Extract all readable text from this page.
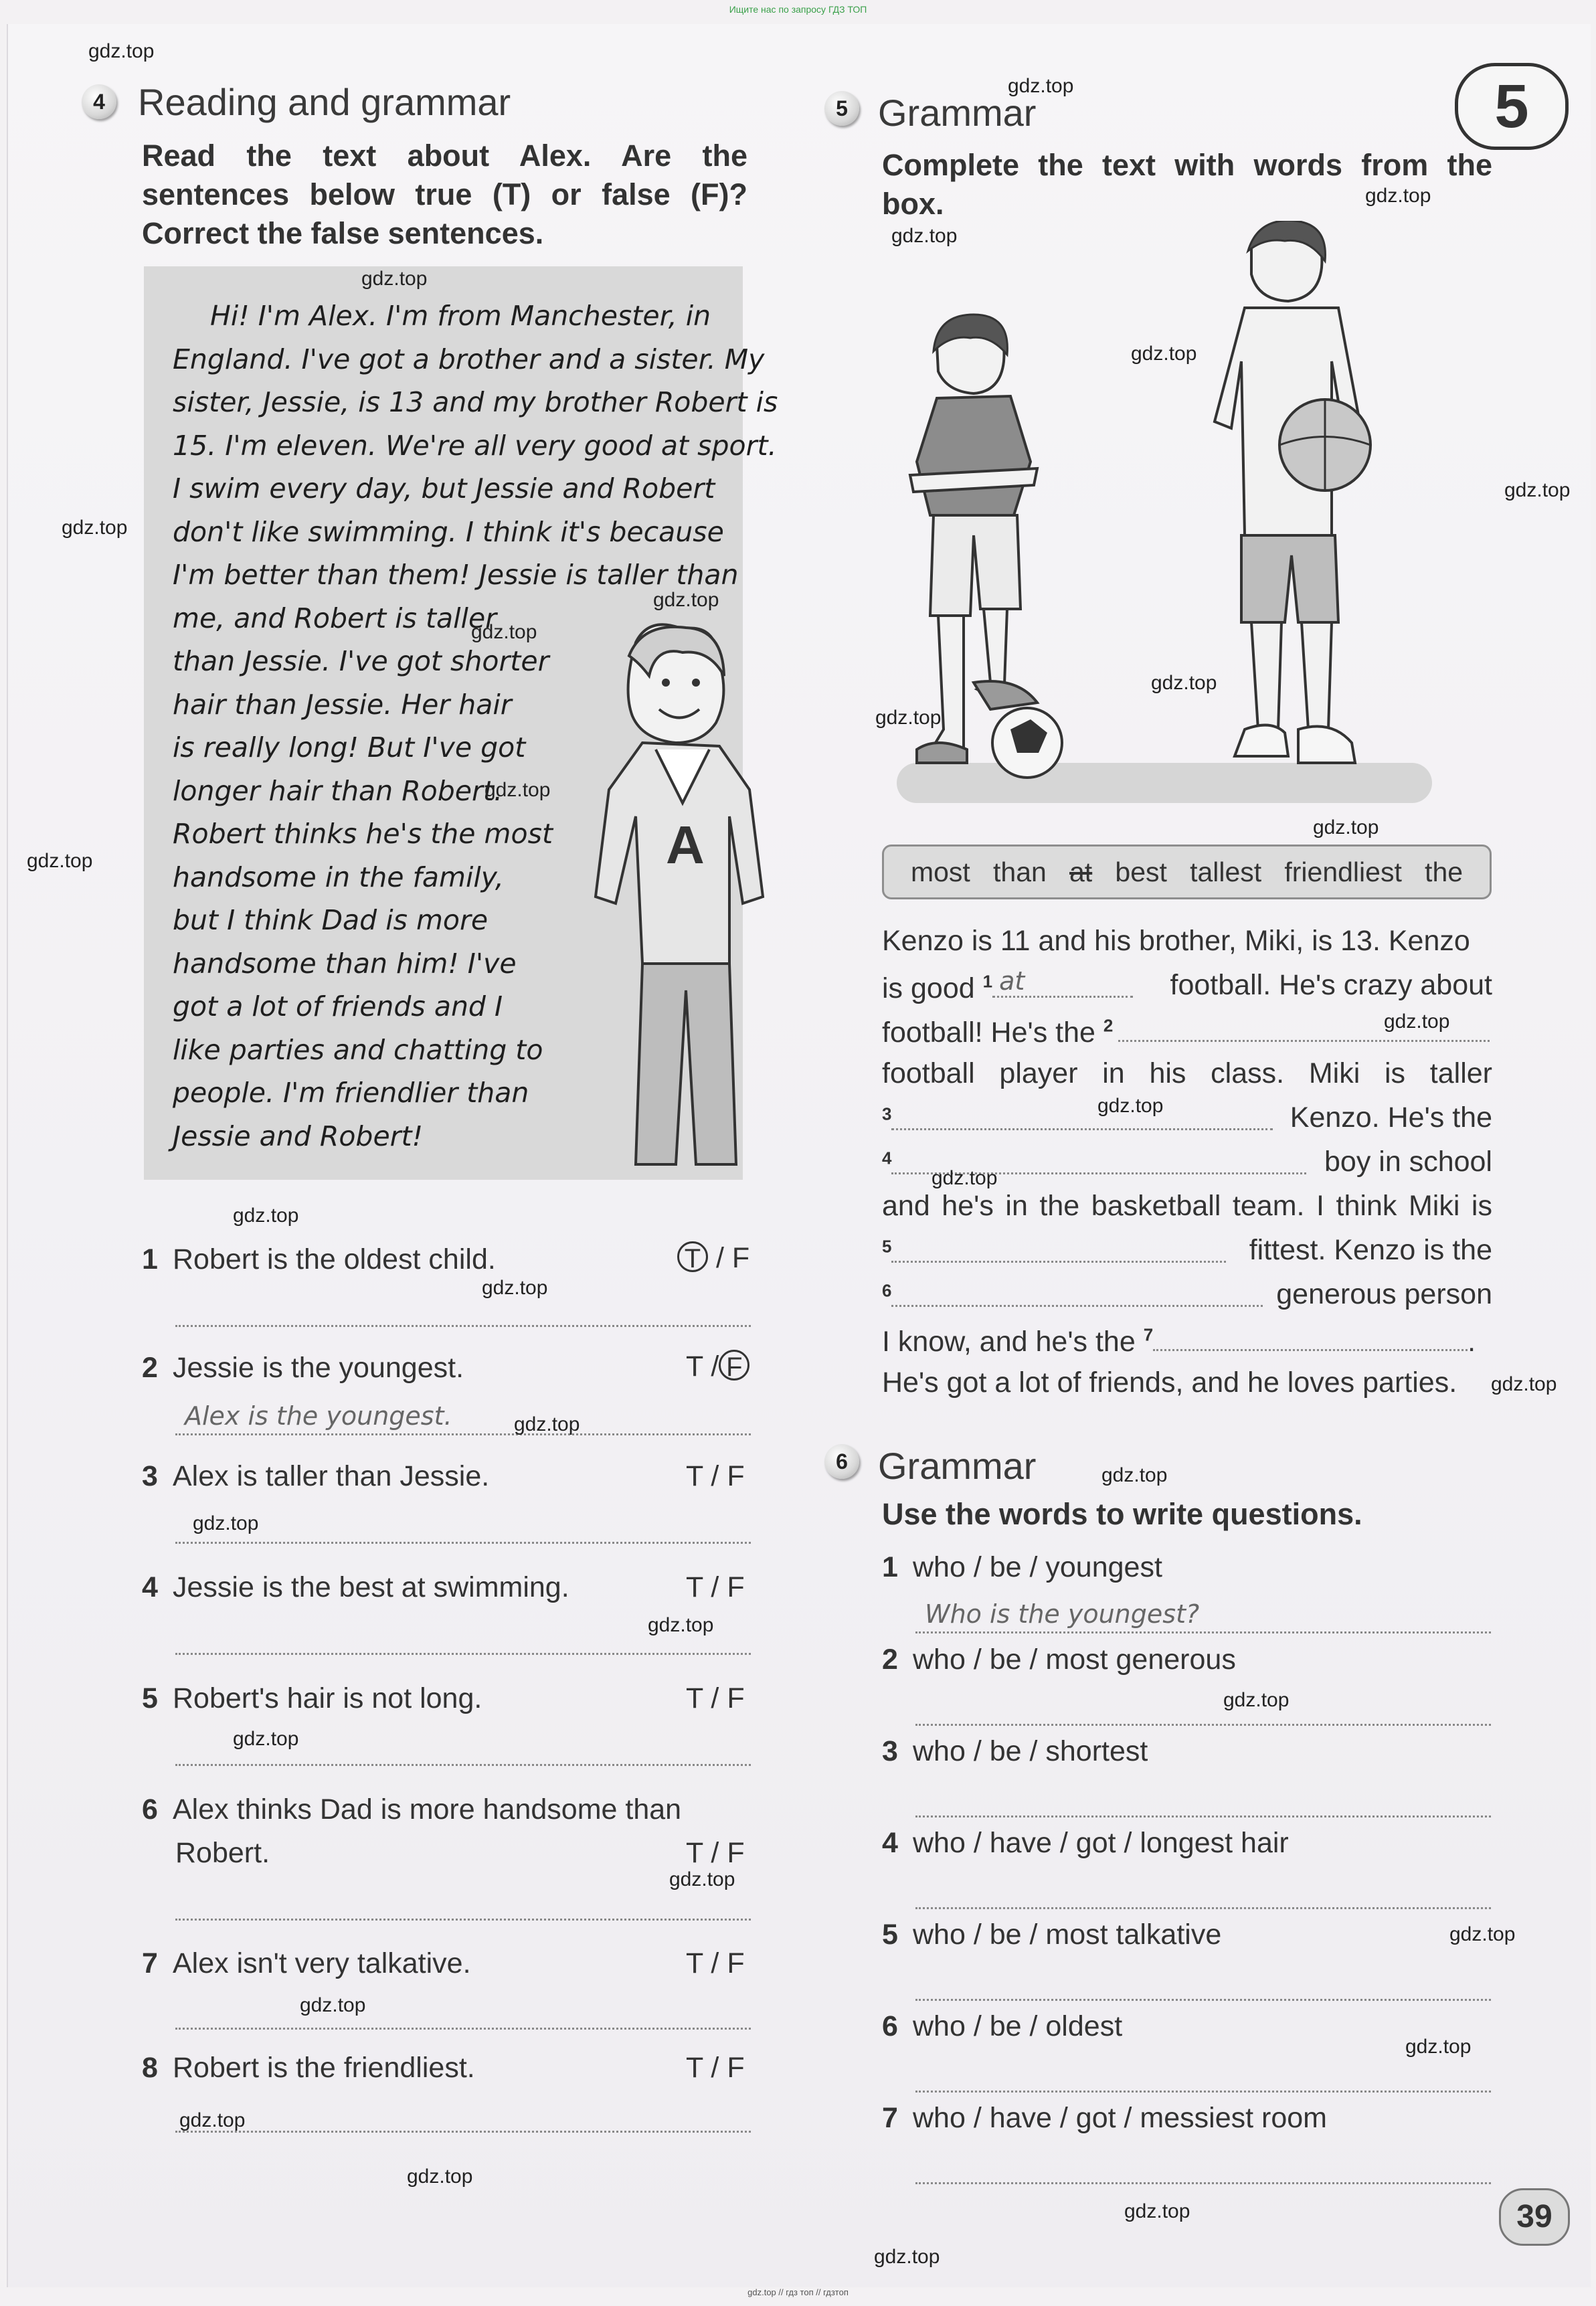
Ищите нас по запросу ГДЗ ТОП
5
4 Reading and grammar
Read the text about Alex. Are the
sentences below true (T) or false (F)?
Correct the false sentences.
A
Hi! I'm Alex. I'm from Manchester, in
England. I've got a brother and a sister. My
sister, Jessie, is 13 and my brother Robert is
15. I'm eleven. We're all very good at sport.
I swim every day, but Jessie and Robert
don't like swimming. I think it's because
I'm better than them! Jessie is taller than
me, and Robert is taller
than Jessie. I've got shorter
hair than Jessie. Her hair
is really long! But I've got
longer hair than Robert.
Robert thinks he's the most
handsome in the family,
but I think Dad is more
handsome than him! I've
got a lot of friends and I
like parties and chatting to
people. I'm friendlier than
Jessie and Robert!
1 Robert is the oldest child.	T / F
2 Jessie is the youngest.	T / F
Alex is the youngest.
3 Alex is taller than Jessie.	T / F
4 Jessie is the best at swimming.	T / F
5 Robert's hair is not long.	T / F
6 Alex thinks Dad is more handsome than
Robert.	T / F
7 Alex isn't very talkative.	T / F
8 Robert is the friendliest.	T / F
5 Grammar
Complete the text with words from the
box.
most than at best tallest friendliest the
Kenzo is 11 and his brother, Miki, is 13. Kenzo
is good $^1$ at	football. He's crazy about
football! He's the $^2$
football player in his class. Miki is taller
$^3$	Kenzo. He's the
$^4$	boy in school
and he's in the basketball team. I think Miki is
$^5$	fittest. Kenzo is the
$^6$	generous person
I know, and he's the $^7$	.
He's got a lot of friends, and he loves parties.
6 Grammar
Use the words to write questions.
1 who / be / youngest
Who is the youngest?
2 who / be / most generous
3 who / be / shortest
4 who / have / got / longest hair
5 who / be / most talkative
6 who / be / oldest
7 who / have / got / messiest room
39
gdz.top
gdz.top
gdz.top
gdz.top
gdz.top
gdz.top
gdz.top
gdz.top
gdz.top
gdz.top
gdz.top
gdz.top
gdz.top
gdz.top
gdz.top
gdz.top
gdz.top
gdz.top
gdz.top
gdz.top
gdz.top
gdz.top
gdz.top
gdz.top
gdz.top
gdz.top
gdz.top
gdz.top
gdz.top
gdz.top
gdz.top
gdz.top
gdz.top
gdz.top
gdz.top
gdz.top // гдз топ // гдзтоп
